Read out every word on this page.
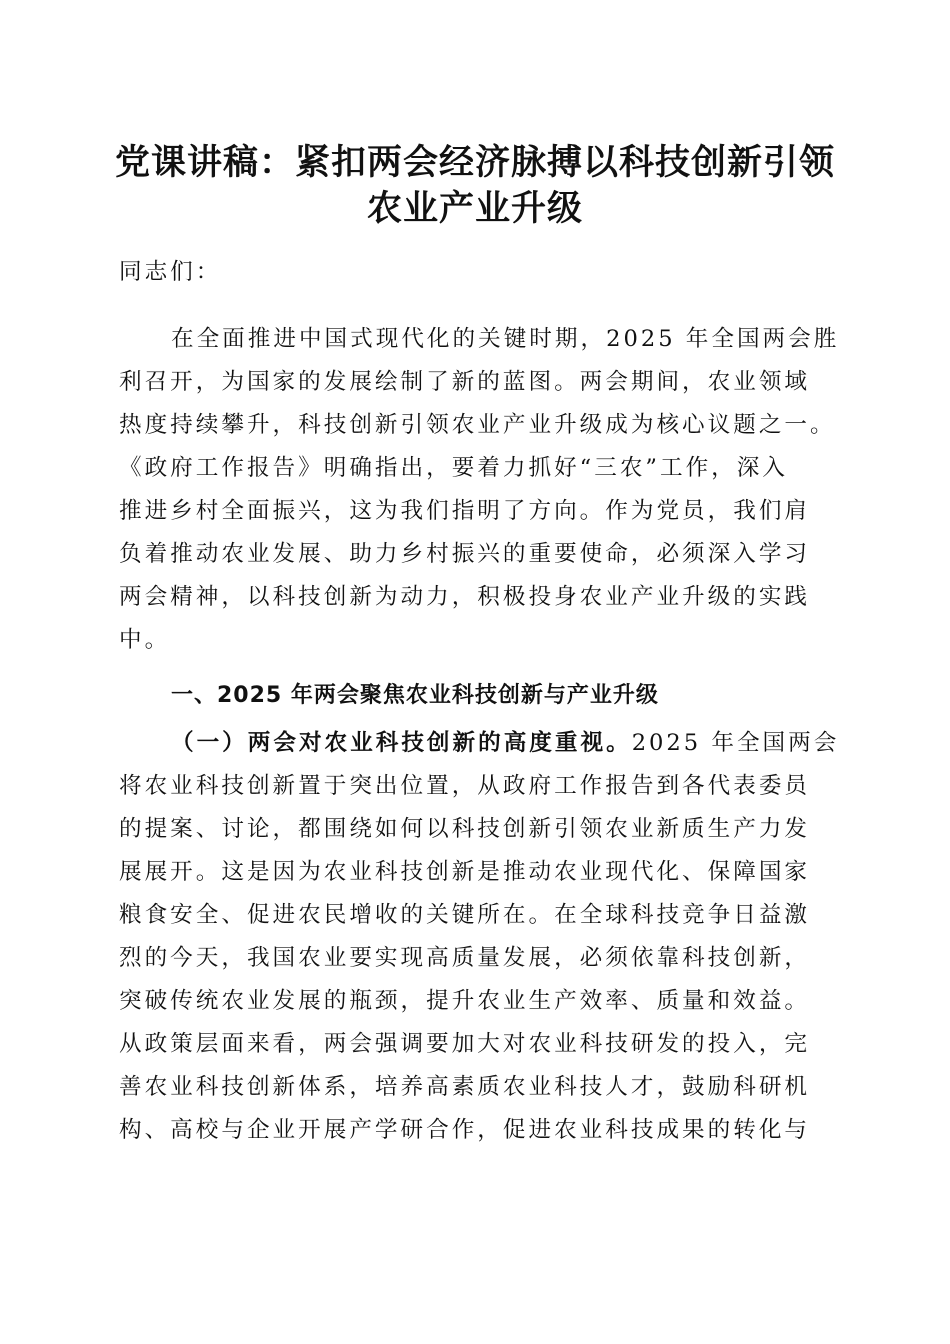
党课讲稿：紧扣两会经济脉搏以科技创新引领
农业产业升级

同志们：

在全面推进中国式现代化的关键时期，2025 年全国两会胜
利召开，为国家的发展绘制了新的蓝图。两会期间，农业领域
热度持续攀升，科技创新引领农业产业升级成为核心议题之一。
《政府工作报告》明确指出，要着力抓好“三农”工作，深入
推进乡村全面振兴，这为我们指明了方向。作为党员，我们肩
负着推动农业发展、助力乡村振兴的重要使命，必须深入学习
两会精神，以科技创新为动力，积极投身农业产业升级的实践
中。
一、2025 年两会聚焦农业科技创新与产业升级
（一）两会对农业科技创新的高度重视。2025 年全国两会
将农业科技创新置于突出位置，从政府工作报告到各代表委员
的提案、讨论，都围绕如何以科技创新引领农业新质生产力发
展展开。这是因为农业科技创新是推动农业现代化、保障国家
粮食安全、促进农民增收的关键所在。在全球科技竞争日益激
烈的今天，我国农业要实现高质量发展，必须依靠科技创新，
突破传统农业发展的瓶颈，提升农业生产效率、质量和效益。
从政策层面来看，两会强调要加大对农业科技研发的投入，完
善农业科技创新体系，培养高素质农业科技人才，鼓励科研机
构、高校与企业开展产学研合作，促进农业科技成果的转化与
